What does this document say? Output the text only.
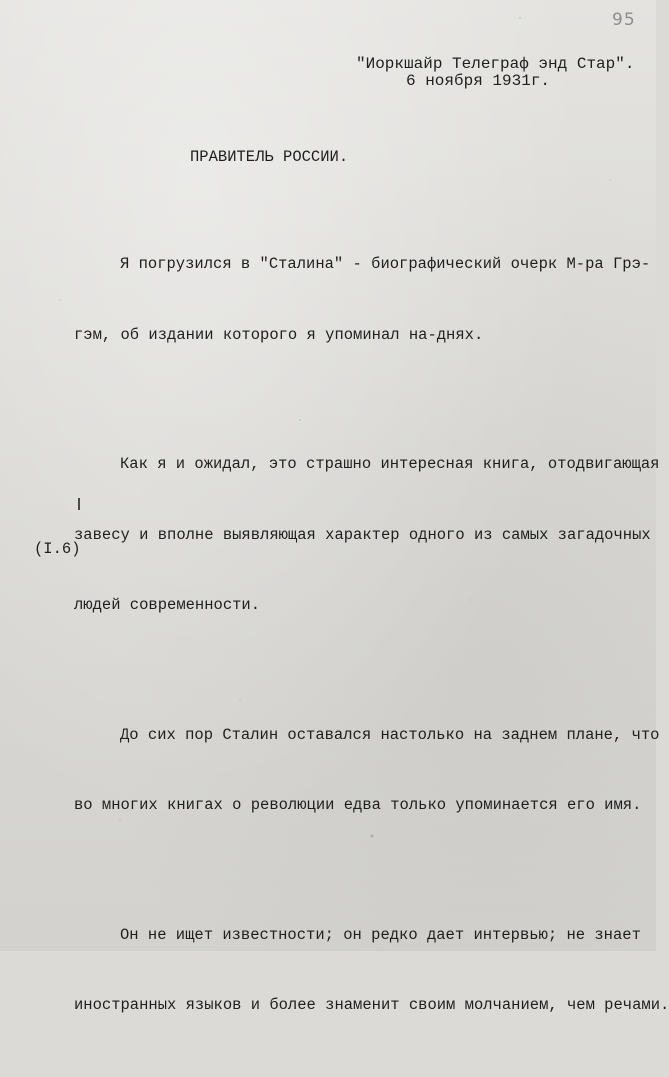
95
"Иоркшайр Телеграф энд Стар".
6 ноября 1931г.
ПРАВИТЕЛЬ РОССИИ.

Я погрузился в "Сталина" - биографический очерк М-ра Грэ-

гэм, об издании которого я упоминал на-днях.

Как я и ожидал, это страшно интересная книга, отодвигающая

завесу и вполне выявляющая характер одного из самых загадочных

людей современности.

До сих пор Сталин оставался настолько на заднем плане, что

во многих книгах о революции едва только упоминается его имя.

Он не ищет известности; он редко дает интервью; не знает

иностранных языков и более знаменит своим молчанием, чем речами.

(I.6)
